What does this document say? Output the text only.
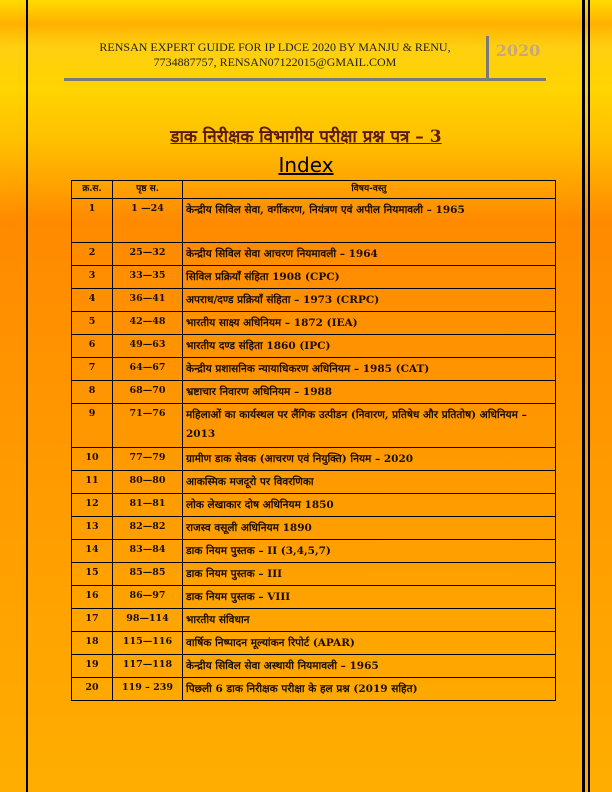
RENSAN EXPERT GUIDE FOR IP LDCE 2020 BY MANJU & RENU,
7734887757, RENSAN07122015@GMAIL.COM
2020
डाक निरीक्षक विभागीय परीक्षा प्रश्न पत्र – 3
Index
क्र.स.	पृष्ठ स.	विषय-वस्तु
1	1 —24	केन्द्रीय सिविल सेवा, वर्गीकरण, नियंत्रण एवं अपील नियमावली – 1965
2	25—32	केन्द्रीय सिविल सेवा आचरण नियमावली – 1964
3	33—35	सिविल प्रक्रियाँ संहिता 1908 (CPC)
4	36—41	अपराध/दण्ड प्रक्रियाँ संहिता – 1973 (CRPC)
5	42—48	भारतीय साक्ष्य अधिनियम – 1872 (IEA)
6	49—63	भारतीय दण्ड संहिता 1860 (IPC)
7	64—67	केन्द्रीय प्रशासनिक न्यायाधिकरण अधिनियम – 1985 (CAT)
8	68—70	भ्रष्टाचार निवारण अधिनियम – 1988
9	71—76	महिलाओं का कार्यस्थल पर लैंगिक उत्पीडन (निवारण, प्रतिषेध और प्रतितोष) अधिनियम – 2013
10	77—79	ग्रामीण डाक सेवक (आचरण एवं नियुक्ति) नियम – 2020
11	80—80	आकस्मिक मजदूरो पर विवरणिका
12	81—81	लोक लेखाकार दोष अधिनियम 1850
13	82—82	राजस्व वसूली अधिनियम 1890
14	83—84	डाक नियम पुस्तक – II (3,4,5,7)
15	85—85	डाक नियम पुस्तक – III
16	86—97	डाक नियम पुस्तक – VIII
17	98—114	भारतीय संविधान
18	115—116	वार्षिक निष्पादन मूल्यांकन रिपोर्ट (APAR)
19	117—118	केन्द्रीय सिविल सेवा अस्थायी नियमावली – 1965
20	119 – 239	पिछली 6 डाक निरीक्षक परीक्षा के हल प्रश्न (2019 सहित)
